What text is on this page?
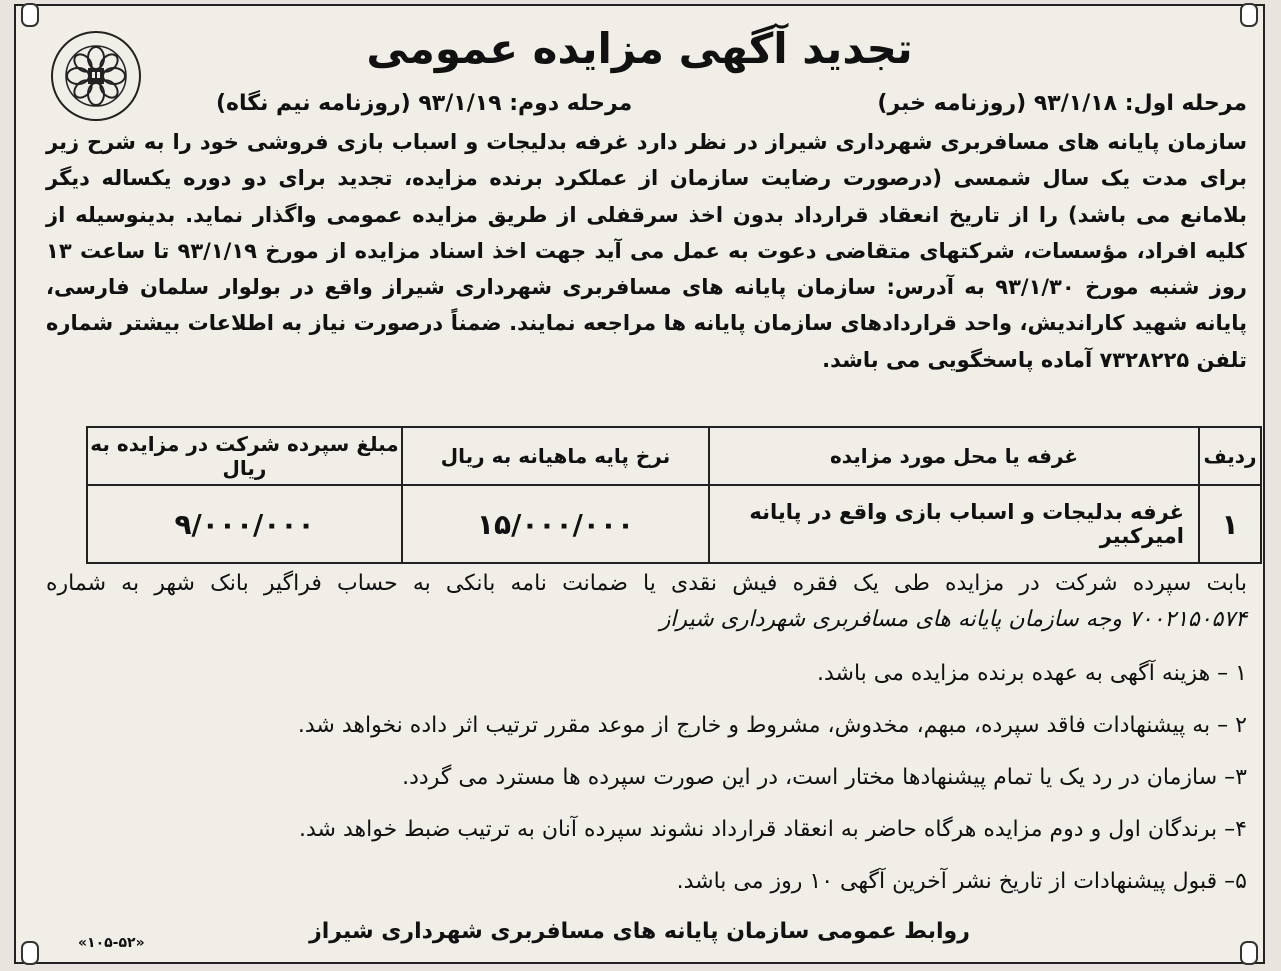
تجدید آگهی مزایده عمومی
مرحله اول: ۹۳/۱/۱۸ (روزنامه خبر)
مرحله دوم: ۹۳/۱/۱۹ (روزنامه نیم نگاه)
سازمان پایانه های مسافربری شهرداری شیراز در نظر دارد غرفه بدلیجات و اسباب بازی فروشی خود را به شرح زیر برای مدت یک سال شمسی (درصورت رضایت سازمان از عملکرد برنده مزایده، تجدید برای دو دوره یکساله دیگر بلامانع می باشد) را از تاریخ انعقاد قرارداد بدون اخذ سرقفلی از طریق مزایده عمومی واگذار نماید. بدینوسیله از کلیه افراد، مؤسسات، شرکتهای متقاضی دعوت به عمل می آید جهت اخذ اسناد مزایده از مورخ ۹۳/۱/۱۹ تا ساعت ۱۳ روز شنبه مورخ ۹۳/۱/۳۰ به آدرس: سازمان پایانه های مسافربری شهرداری شیراز واقع در بولوار سلمان فارسی، پایانه شهید کاراندیش، واحد قراردادهای سازمان پایانه ها مراجعه نمایند. ضمناً درصورت نیاز به اطلاعات بیشتر شماره تلفن ۷۳۲۸۲۲۵ آماده پاسخگویی می باشد.
ردیف	غرفه یا محل مورد مزایده	نرخ پایه ماهیانه به ریال	مبلغ سپرده شرکت در مزایده به ریال
۱	غرفه بدلیجات و اسباب بازی واقع در پایانه امیرکبیر	۱۵/۰۰۰/۰۰۰	۹/۰۰۰/۰۰۰

بابت سپرده شرکت در مزایده طی یک فقره فیش نقدی یا ضمانت نامه بانکی به حساب فراگیر بانک شهر به شماره

۷۰۰۲۱۵۰۵۷۴ وجه سازمان پایانه های مسافربری شهرداری شیراز

۱ – هزینه آگهی به عهده برنده مزایده می باشد.
۲ – به پیشنهادات فاقد سپرده، مبهم، مخدوش، مشروط و خارج از موعد مقرر ترتیب اثر داده نخواهد شد.
۳– سازمان در رد یک یا تمام پیشنهادها مختار است، در این صورت سپرده ها مسترد می گردد.
۴– برندگان اول و دوم مزایده هرگاه حاضر به انعقاد قرارداد نشوند سپرده آنان به ترتیب ضبط خواهد شد.
۵– قبول پیشنهادات از تاریخ نشر آخرین آگهی ۱۰ روز می باشد.
روابط عمومی سازمان پایانه های مسافربری شهرداری شیراز
«۱۰۵-۵۲»
